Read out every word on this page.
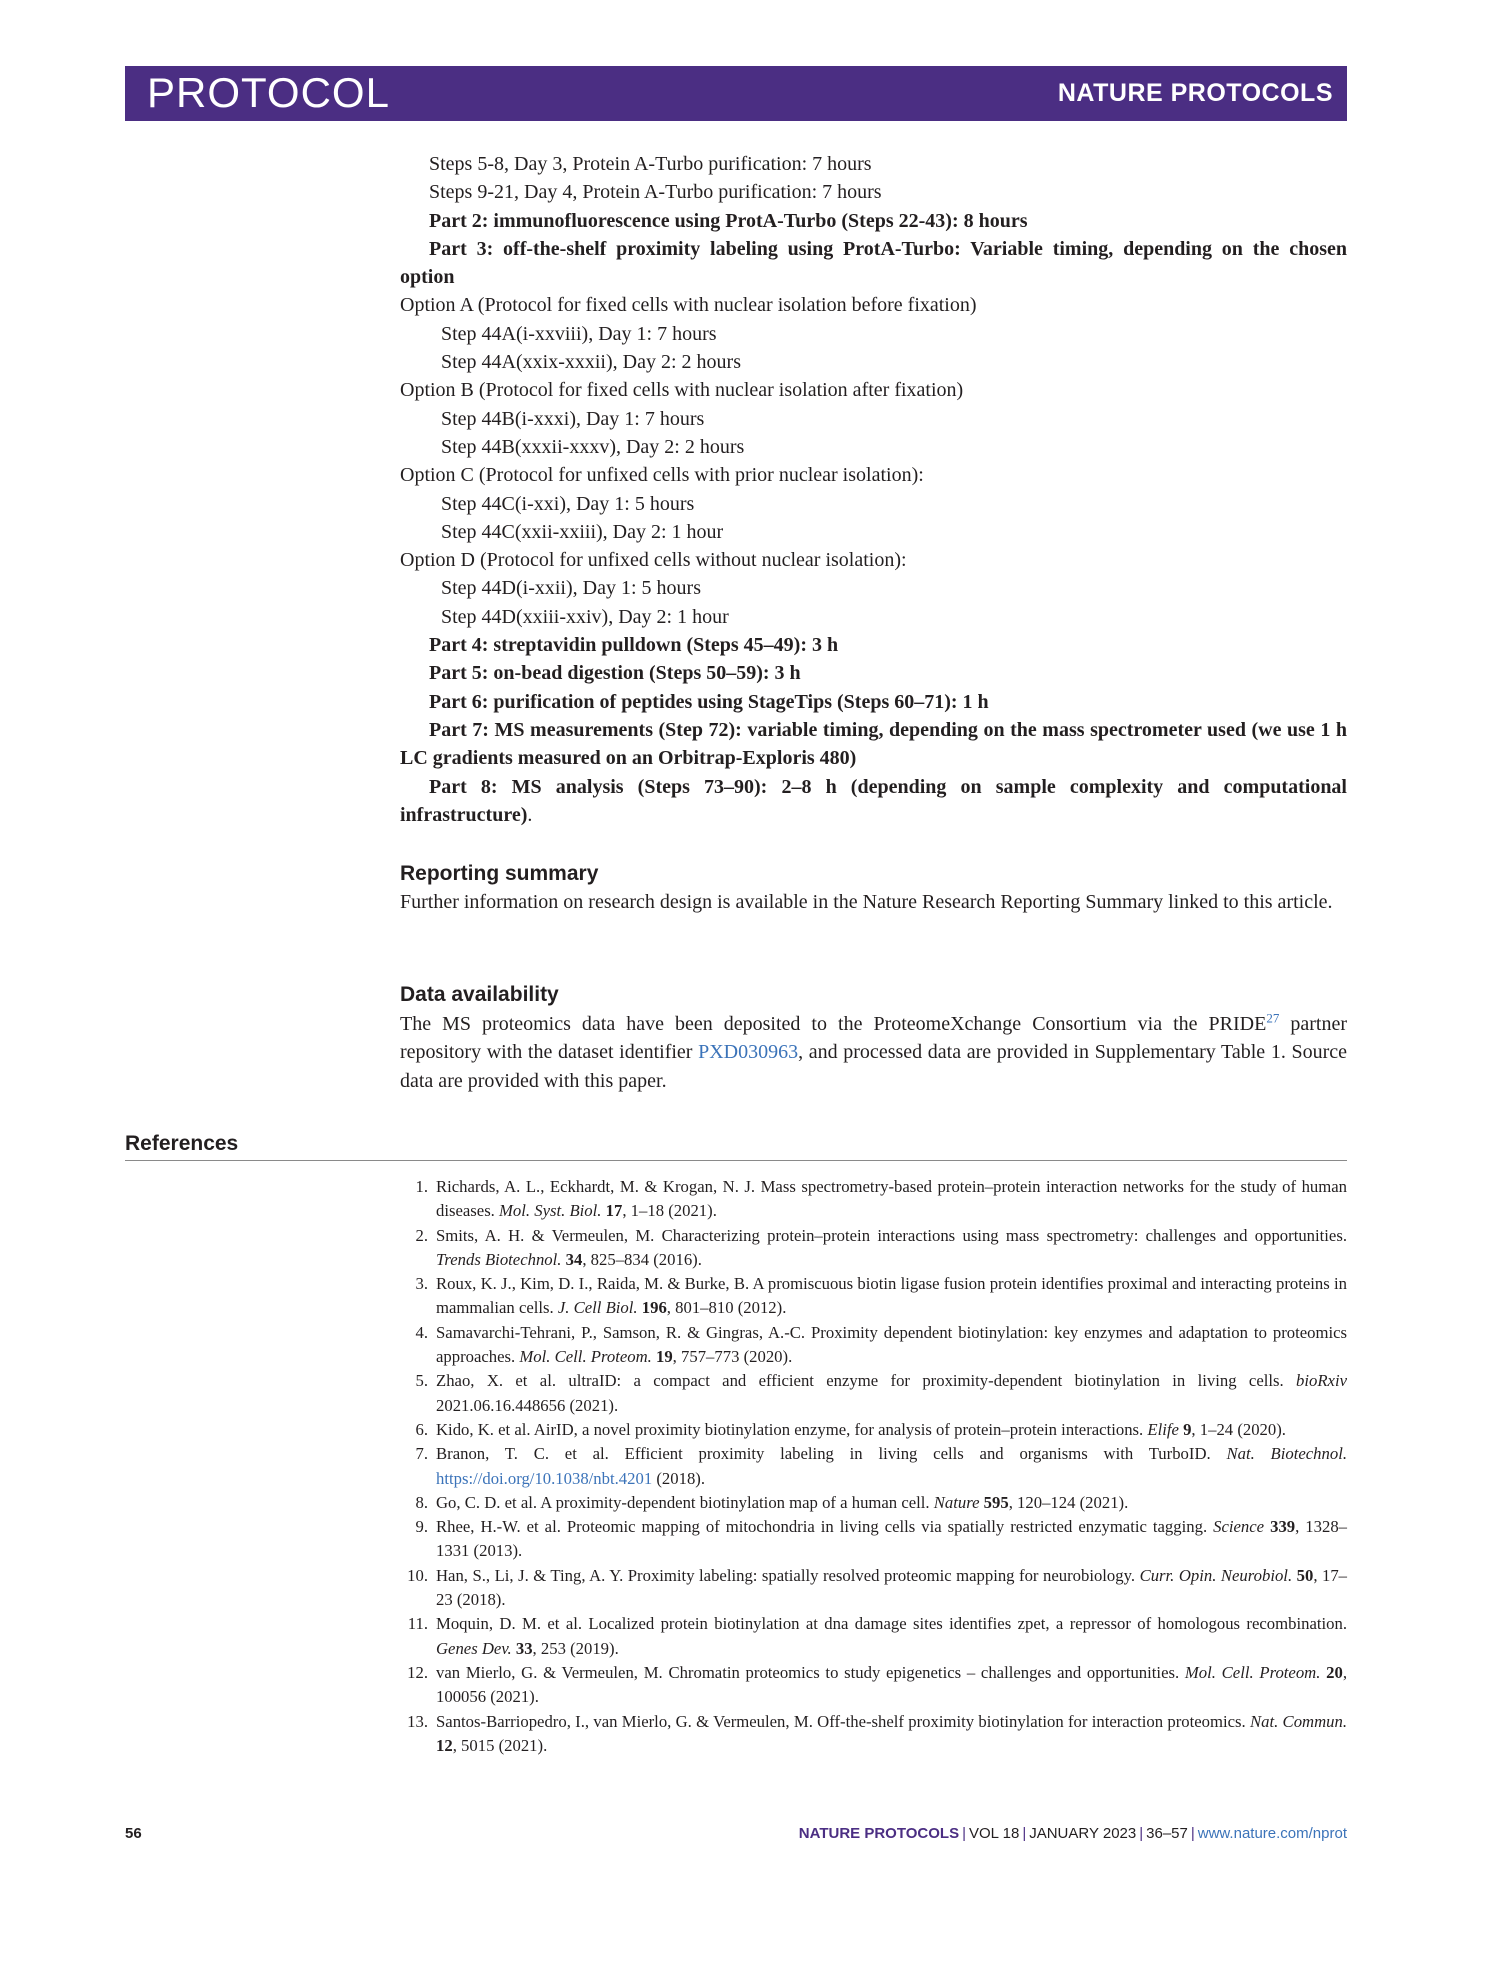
PROTOCOL	NATURE PROTOCOLS
Steps 5-8, Day 3, Protein A-Turbo purification: 7 hours
Steps 9-21, Day 4, Protein A-Turbo purification: 7 hours
Part 2: immunofluorescence using ProtA-Turbo (Steps 22-43): 8 hours
Part 3: off-the-shelf proximity labeling using ProtA-Turbo: Variable timing, depending on the chosen option
Option A (Protocol for fixed cells with nuclear isolation before fixation)
Step 44A(i-xxviii), Day 1: 7 hours
Step 44A(xxix-xxxii), Day 2: 2 hours
Option B (Protocol for fixed cells with nuclear isolation after fixation)
Step 44B(i-xxxi), Day 1: 7 hours
Step 44B(xxxii-xxxv), Day 2: 2 hours
Option C (Protocol for unfixed cells with prior nuclear isolation):
Step 44C(i-xxi), Day 1: 5 hours
Step 44C(xxii-xxiii), Day 2: 1 hour
Option D (Protocol for unfixed cells without nuclear isolation):
Step 44D(i-xxii), Day 1: 5 hours
Step 44D(xxiii-xxiv), Day 2: 1 hour
Part 4: streptavidin pulldown (Steps 45–49): 3 h
Part 5: on-bead digestion (Steps 50–59): 3 h
Part 6: purification of peptides using StageTips (Steps 60–71): 1 h
Part 7: MS measurements (Step 72): variable timing, depending on the mass spectrometer used (we use 1 h LC gradients measured on an Orbitrap-Exploris 480)
Part 8: MS analysis (Steps 73–90): 2–8 h (depending on sample complexity and computational infrastructure).
Reporting summary
Further information on research design is available in the Nature Research Reporting Summary linked to this article.
Data availability
The MS proteomics data have been deposited to the ProteomeXchange Consortium via the PRIDE$^{27}$ partner repository with the dataset identifier PXD030963, and processed data are provided in Supplementary Table 1. Source data are provided with this paper.
References
1. Richards, A. L., Eckhardt, M. & Krogan, N. J. Mass spectrometry-based protein–protein interaction networks for the study of human diseases. Mol. Syst. Biol. 17, 1–18 (2021).
2. Smits, A. H. & Vermeulen, M. Characterizing protein–protein interactions using mass spectrometry: challenges and opportunities. Trends Biotechnol. 34, 825–834 (2016).
3. Roux, K. J., Kim, D. I., Raida, M. & Burke, B. A promiscuous biotin ligase fusion protein identifies proximal and interacting proteins in mammalian cells. J. Cell Biol. 196, 801–810 (2012).
4. Samavarchi-Tehrani, P., Samson, R. & Gingras, A.-C. Proximity dependent biotinylation: key enzymes and adaptation to proteomics approaches. Mol. Cell. Proteom. 19, 757–773 (2020).
5. Zhao, X. et al. ultraID: a compact and efficient enzyme for proximity-dependent biotinylation in living cells. bioRxiv 2021.06.16.448656 (2021).
6. Kido, K. et al. AirID, a novel proximity biotinylation enzyme, for analysis of protein–protein interactions. Elife 9, 1–24 (2020).
7. Branon, T. C. et al. Efficient proximity labeling in living cells and organisms with TurboID. Nat. Biotechnol. https://doi.org/10.1038/nbt.4201 (2018).
8. Go, C. D. et al. A proximity-dependent biotinylation map of a human cell. Nature 595, 120–124 (2021).
9. Rhee, H.-W. et al. Proteomic mapping of mitochondria in living cells via spatially restricted enzymatic tagging. Science 339, 1328–1331 (2013).
10. Han, S., Li, J. & Ting, A. Y. Proximity labeling: spatially resolved proteomic mapping for neurobiology. Curr. Opin. Neurobiol. 50, 17–23 (2018).
11. Moquin, D. M. et al. Localized protein biotinylation at dna damage sites identifies zpet, a repressor of homologous recombination. Genes Dev. 33, 253 (2019).
12. van Mierlo, G. & Vermeulen, M. Chromatin proteomics to study epigenetics – challenges and opportunities. Mol. Cell. Proteom. 20, 100056 (2021).
13. Santos-Barriopedro, I., van Mierlo, G. & Vermeulen, M. Off-the-shelf proximity biotinylation for interaction proteomics. Nat. Commun. 12, 5015 (2021).
56	NATURE PROTOCOLS | VOL 18 | JANUARY 2023 | 36–57 | www.nature.com/nprot
